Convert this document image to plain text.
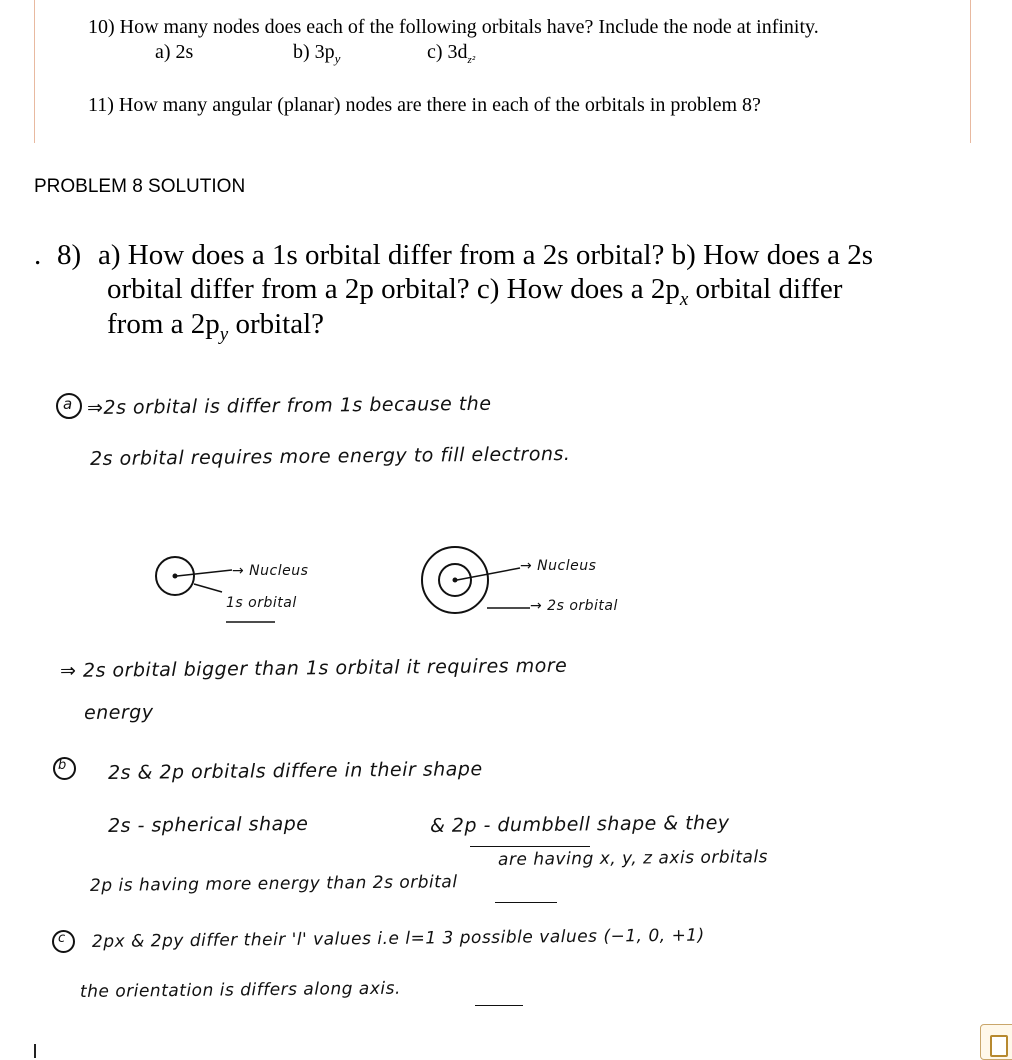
10) How many nodes does each of the following orbitals have? Include the node at infinity.
a) 2s	b) $3p_y$	c) $3d_{z^2}$
11) How many angular (planar) nodes are there in each of the orbitals in problem 8?
PROBLEM 8 SOLUTION
. 8) a) How does a 1s orbital differ from a 2s orbital? b) How does a 2s
orbital differ from a 2p orbital? c) How does a $2p_x$ orbital differ
from a $2p_y$ orbital?
a ⇒2s orbital is differ from 1s because the
2s orbital requires more energy to fill electrons.
→ Nucleus
1s orbital
→ Nucleus
→ 2s orbital
⇒ 2s orbital bigger than 1s orbital it requires more
energy
b 2s & 2p orbitals differe in their shape
2s - spherical shape	& 2p - dumbbell shape & they
are having x, y, z axis orbitals
2p is having more energy than 2s orbital
c 2px & 2py differ their 'l' values i.e l=1 3 possible values (−1, 0, +1)
the orientation is differs along axis.
